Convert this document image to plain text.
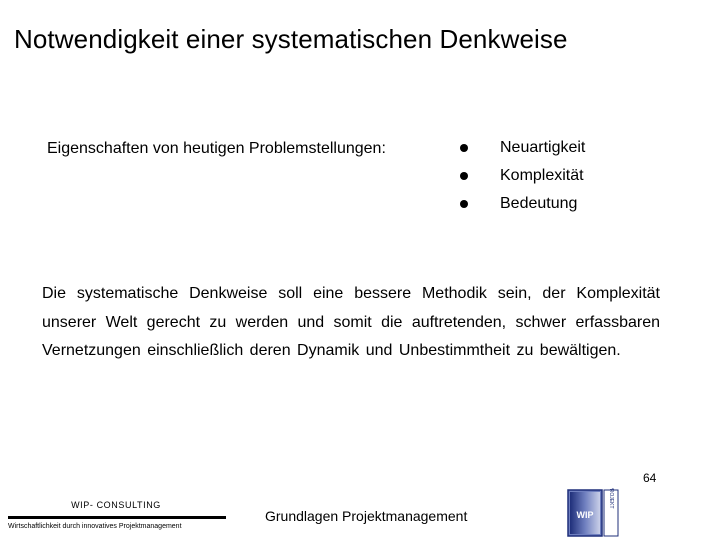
Notwendigkeit einer systematischen Denkweise
Eigenschaften von heutigen Problemstellungen:	Neuartigkeit
Komplexität
Bedeutung
Die systematische Denkweise soll eine bessere Methodik sein, der Komplexität unserer Welt gerecht zu werden und somit die auftretenden, schwer erfassbaren Vernetzungen einschließlich deren Dynamik und Unbestimmtheit zu bewältigen.
WIP- CONSULTING
Wirtschaftlichkeit durch innovatives Projektmanagement
Grundlagen Projektmanagement
64
WIP
PROJEKT
